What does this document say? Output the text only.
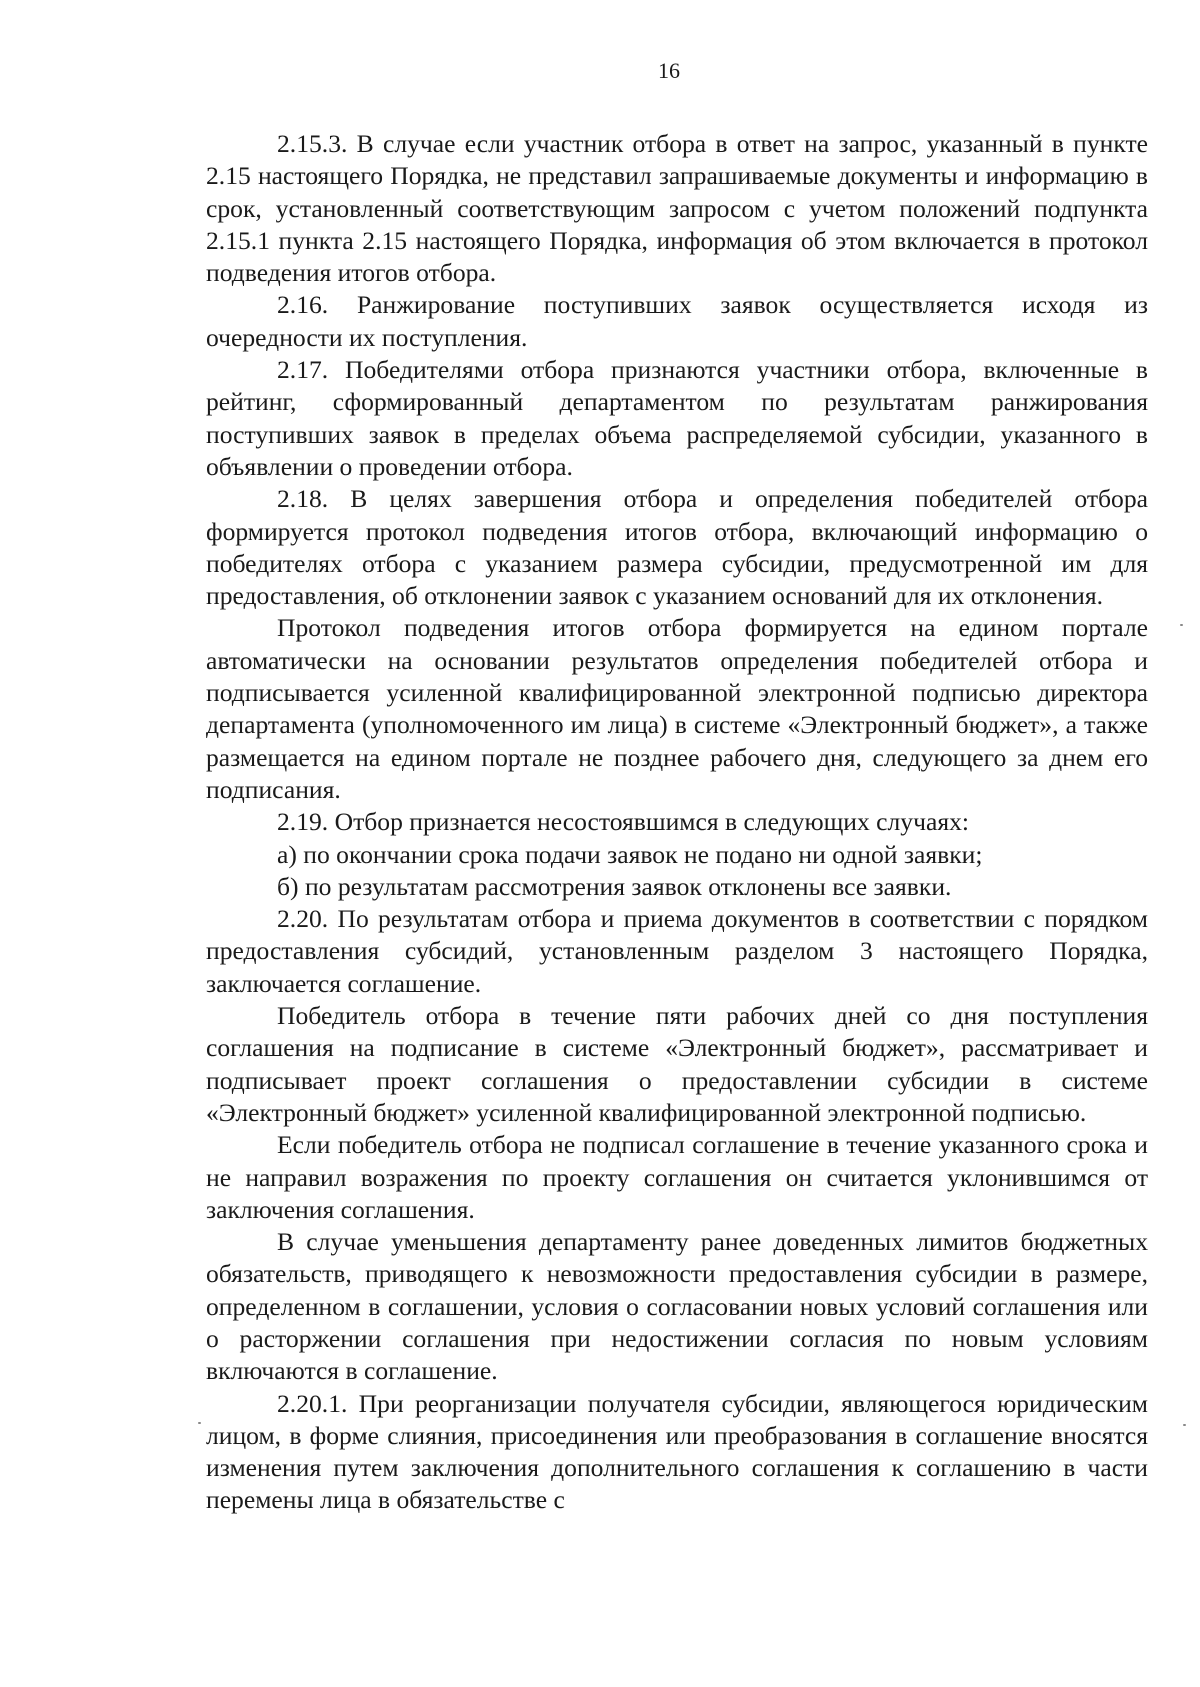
16

2.15.3. В случае если участник отбора в ответ на запрос, указанный в пункте 2.15 настоящего Порядка, не представил запрашиваемые документы и информацию в срок, установленный соответствующим запросом с учетом положений подпункта 2.15.1 пункта 2.15 настоящего Порядка, информация об этом включается в протокол подведения итогов отбора.

2.16. Ранжирование поступивших заявок осуществляется исходя из очередности их поступления.

2.17. Победителями отбора признаются участники отбора, включенные в рейтинг, сформированный департаментом по результатам ранжирования поступивших заявок в пределах объема распределяемой субсидии, указанного в объявлении о проведении отбора.

2.18. В целях завершения отбора и определения победителей отбора формируется протокол подведения итогов отбора, включающий информацию о победителях отбора с указанием размера субсидии, предусмотренной им для предоставления, об отклонении заявок с указанием оснований для их отклонения.

Протокол подведения итогов отбора формируется на едином портале автоматически на основании результатов определения победителей отбора и подписывается усиленной квалифицированной электронной подписью директора департамента (уполномоченного им лица) в системе «Электронный бюджет», а также размещается на едином портале не позднее рабочего дня, следующего за днем его подписания.

2.19. Отбор признается несостоявшимся в следующих случаях:

а) по окончании срока подачи заявок не подано ни одной заявки;

б) по результатам рассмотрения заявок отклонены все заявки.

2.20. По результатам отбора и приема документов в соответствии с порядком предоставления субсидий, установленным разделом 3 настоящего Порядка, заключается соглашение.

Победитель отбора в течение пяти рабочих дней со дня поступления соглашения на подписание в системе «Электронный бюджет», рассматривает и подписывает проект соглашения о предоставлении субсидии в системе «Электронный бюджет» усиленной квалифицированной электронной подписью.

Если победитель отбора не подписал соглашение в течение указанного срока и не направил возражения по проекту соглашения он считается уклонившимся от заключения соглашения.

В случае уменьшения департаменту ранее доведенных лимитов бюджетных обязательств, приводящего к невозможности предоставления субсидии в размере, определенном в соглашении, условия о согласовании новых условий соглашения или о расторжении соглашения при недостижении согласия по новым условиям включаются в соглашение.

2.20.1. При реорганизации получателя субсидии, являющегося юридическим лицом, в форме слияния, присоединения или преобразования в соглашение вносятся изменения путем заключения дополнительного соглашения к соглашению в части перемены лица в обязательстве с
